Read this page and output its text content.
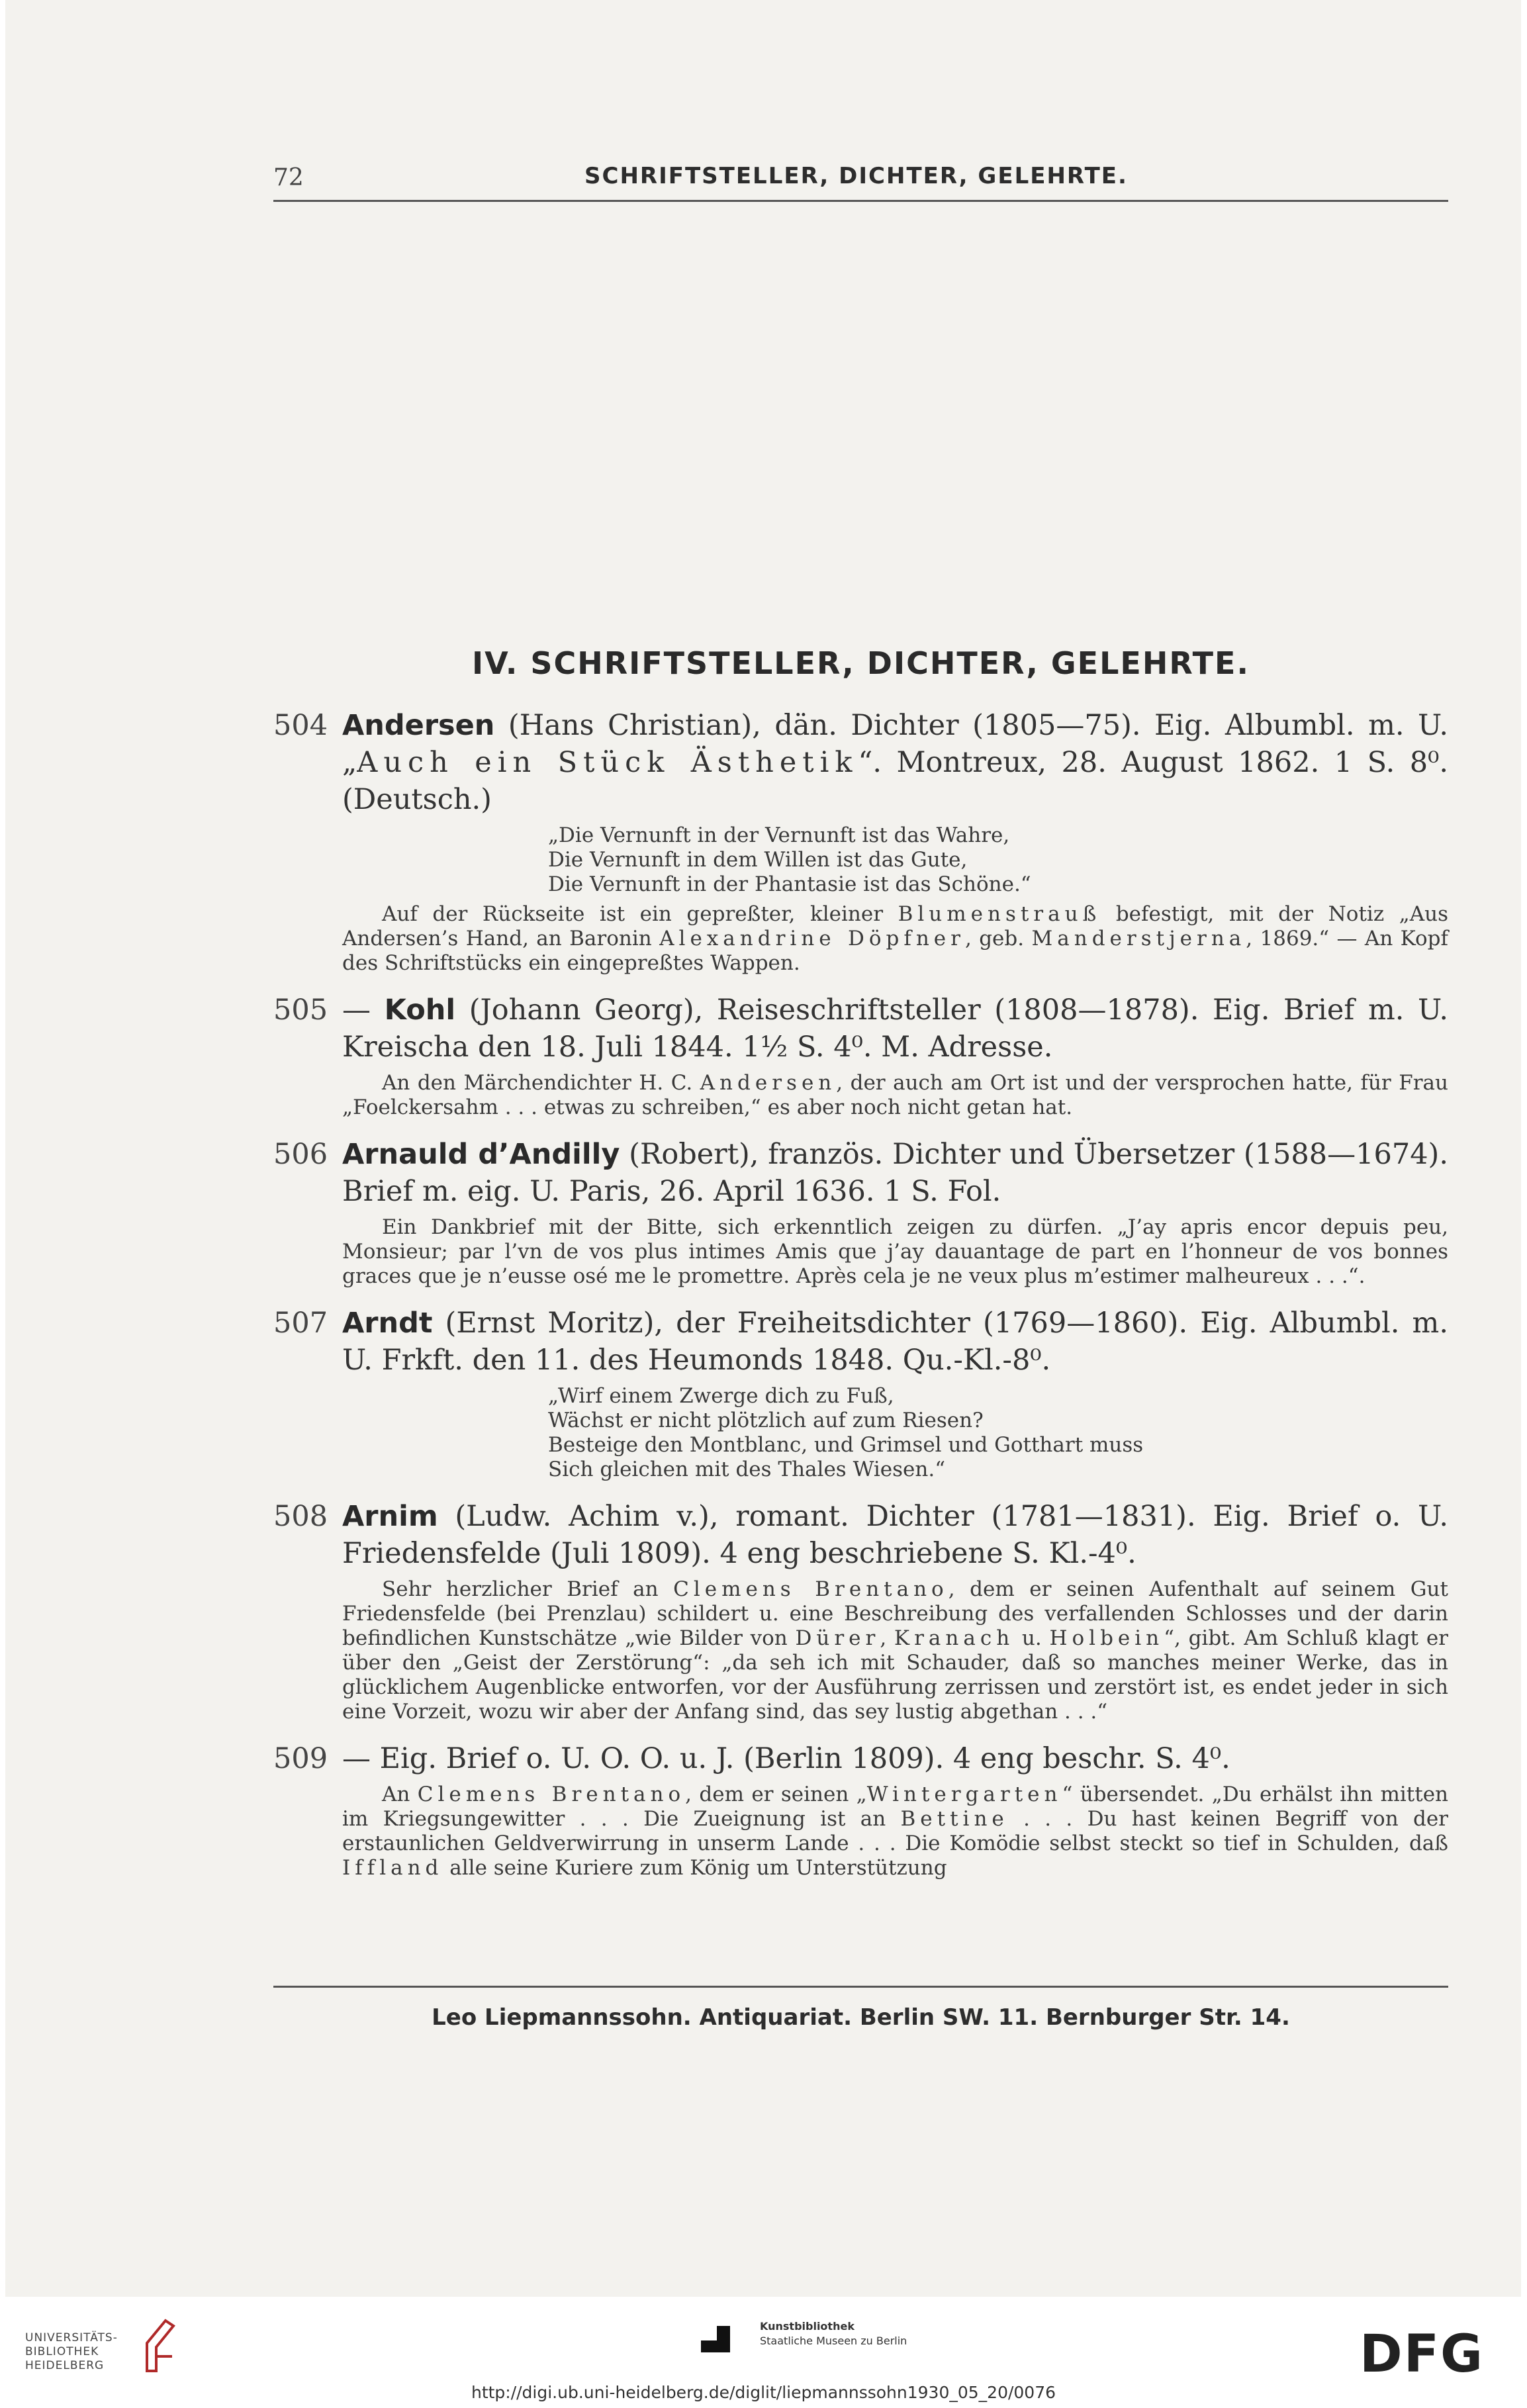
72	SCHRIFTSTELLER, DICHTER, GELEHRTE.
IV. SCHRIFTSTELLER, DICHTER, GELEHRTE.
504 Andersen (Hans Christian), dän. Dichter (1805—75). Eig. Albumbl. m. U. „Auch ein Stück Ästhetik“. Montreux, 28. August 1862. 1 S. 8⁰. (Deutsch.)
„Die Vernunft in der Vernunft ist das Wahre,
Die Vernunft in dem Willen ist das Gute,
Die Vernunft in der Phantasie ist das Schöne.“
Auf der Rückseite ist ein gepreßter, kleiner Blumenstrauß befestigt, mit der Notiz „Aus Andersen’s Hand, an Baronin Alexandrine Döpfner, geb. Manderstjerna, 1869.“ — An Kopf des Schriftstücks ein eingepreßtes Wappen.
505 — Kohl (Johann Georg), Reiseschriftsteller (1808—1878). Eig. Brief m. U. Kreischa den 18. Juli 1844. 1½ S. 4⁰. M. Adresse.
An den Märchendichter H. C. Andersen, der auch am Ort ist und der versprochen hatte, für Frau „Foelckersahm . . . etwas zu schreiben,“ es aber noch nicht getan hat.
506 Arnauld d’Andilly (Robert), französ. Dichter und Übersetzer (1588—1674). Brief m. eig. U. Paris, 26. April 1636. 1 S. Fol.
Ein Dankbrief mit der Bitte, sich erkenntlich zeigen zu dürfen. „J’ay apris encor depuis peu, Monsieur; par l’vn de vos plus intimes Amis que j’ay dauantage de part en l’honneur de vos bonnes graces que je n’eusse osé me le promettre. Après cela je ne veux plus m’estimer malheureux . . .“.
507 Arndt (Ernst Moritz), der Freiheitsdichter (1769—1860). Eig. Albumbl. m. U. Frkft. den 11. des Heumonds 1848. Qu.-Kl.-8⁰.
„Wirf einem Zwerge dich zu Fuß,
Wächst er nicht plötzlich auf zum Riesen?
Besteige den Montblanc, und Grimsel und Gotthart muss
Sich gleichen mit des Thales Wiesen.“
508 Arnim (Ludw. Achim v.), romant. Dichter (1781—1831). Eig. Brief o. U. Friedensfelde (Juli 1809). 4 eng beschriebene S. Kl.-4⁰.
Sehr herzlicher Brief an Clemens Brentano, dem er seinen Aufenthalt auf seinem Gut Friedensfelde (bei Prenzlau) schildert u. eine Beschreibung des verfallenden Schlosses und der darin befindlichen Kunstschätze „wie Bilder von Dürer, Kranach u. Holbein“, gibt. Am Schluß klagt er über den „Geist der Zerstörung“: „da seh ich mit Schauder, daß so manches meiner Werke, das in glücklichem Augenblicke entworfen, vor der Ausführung zerrissen und zerstört ist, es endet jeder in sich eine Vorzeit, wozu wir aber der Anfang sind, das sey lustig abgethan . . .“
509 — Eig. Brief o. U. O. O. u. J. (Berlin 1809). 4 eng beschr. S. 4⁰.
An Clemens Brentano, dem er seinen „Wintergarten“ übersendet. „Du erhälst ihn mitten im Kriegsungewitter . . . Die Zueignung ist an Bettine . . . Du hast keinen Begriff von der erstaunlichen Geldverwirrung in unserm Lande . . . Die Komödie selbst steckt so tief in Schulden, daß Iffland alle seine Kuriere zum König um Unterstützung
Leo Liepmannssohn. Antiquariat. Berlin SW. 11. Bernburger Str. 14.
UNIVERSITÄTS-
BIBLIOTHEK
HEIDELBERG
Kunstbibliothek
Staatliche Museen zu Berlin	DFG
http://digi.ub.uni-heidelberg.de/diglit/liepmannssohn1930_05_20/0076
